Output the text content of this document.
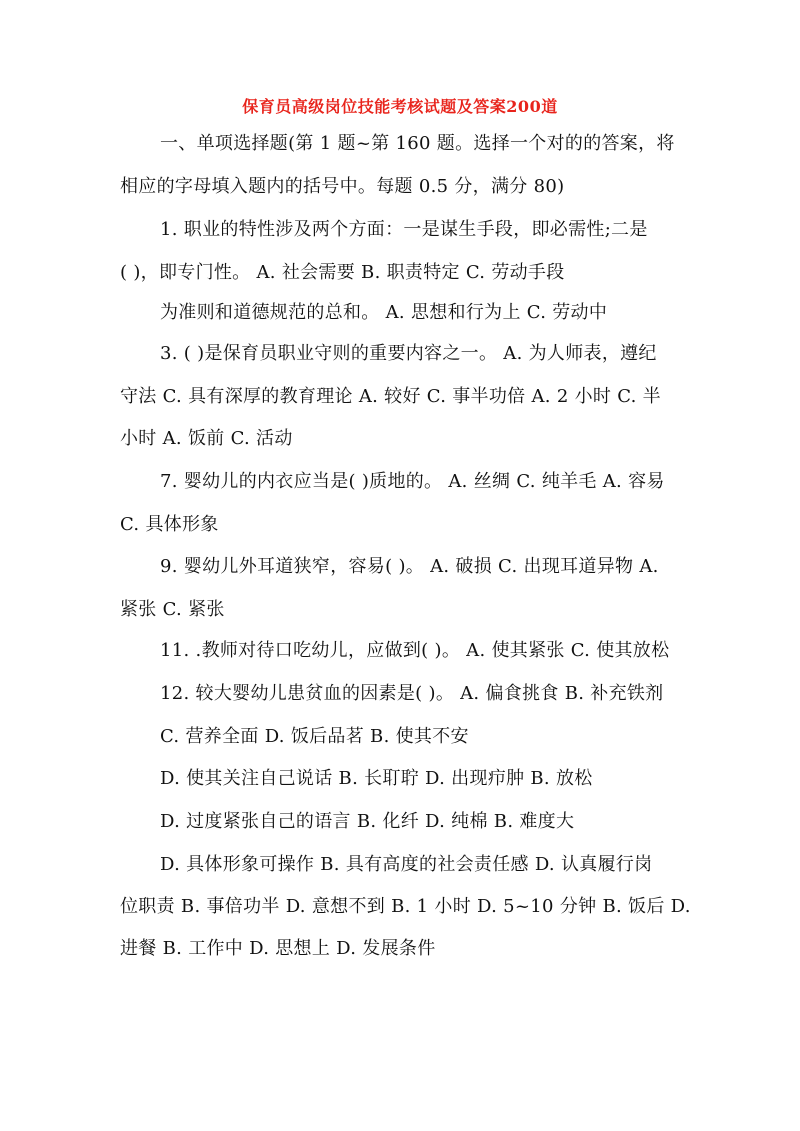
保育员高级岗位技能考核试题及答案200道
一、单项选择题(第 1 题~第 160 题。选择一个对的的答案，将
相应的字母填入题内的括号中。每题 0.5 分，满分 80)
1. 职业的特性涉及两个方面：一是谋生手段，即必需性;二是
( )，即专门性。 A. 社会需要 B. 职责特定 C. 劳动手段
为准则和道德规范的总和。 A. 思想和行为上 C. 劳动中
3. ( )是保育员职业守则的重要内容之一。 A. 为人师表，遵纪
守法 C. 具有深厚的教育理论 A. 较好 C. 事半功倍 A. 2 小时 C. 半
小时 A. 饭前 C. 活动
7. 婴幼儿的内衣应当是( )质地的。 A. 丝绸 C. 纯羊毛 A. 容易
C. 具体形象
9. 婴幼儿外耳道狭窄，容易( )。 A. 破损 C. 出现耳道异物 A.
紧张 C. 紧张
11. .教师对待口吃幼儿，应做到( )。 A. 使其紧张 C. 使其放松
12. 较大婴幼儿患贫血的因素是( )。 A. 偏食挑食 B. 补充铁剂
C. 营养全面 D. 饭后品茗 B. 使其不安
D. 使其关注自己说话 B. 长耵聍 D. 出现疖肿 B. 放松
D. 过度紧张自己的语言 B. 化纤 D. 纯棉 B. 难度大
D. 具体形象可操作 B. 具有高度的社会责任感 D. 认真履行岗
位职责 B. 事倍功半 D. 意想不到 B. 1 小时 D. 5~10 分钟 B. 饭后 D.
进餐 B. 工作中 D. 思想上 D. 发展条件
